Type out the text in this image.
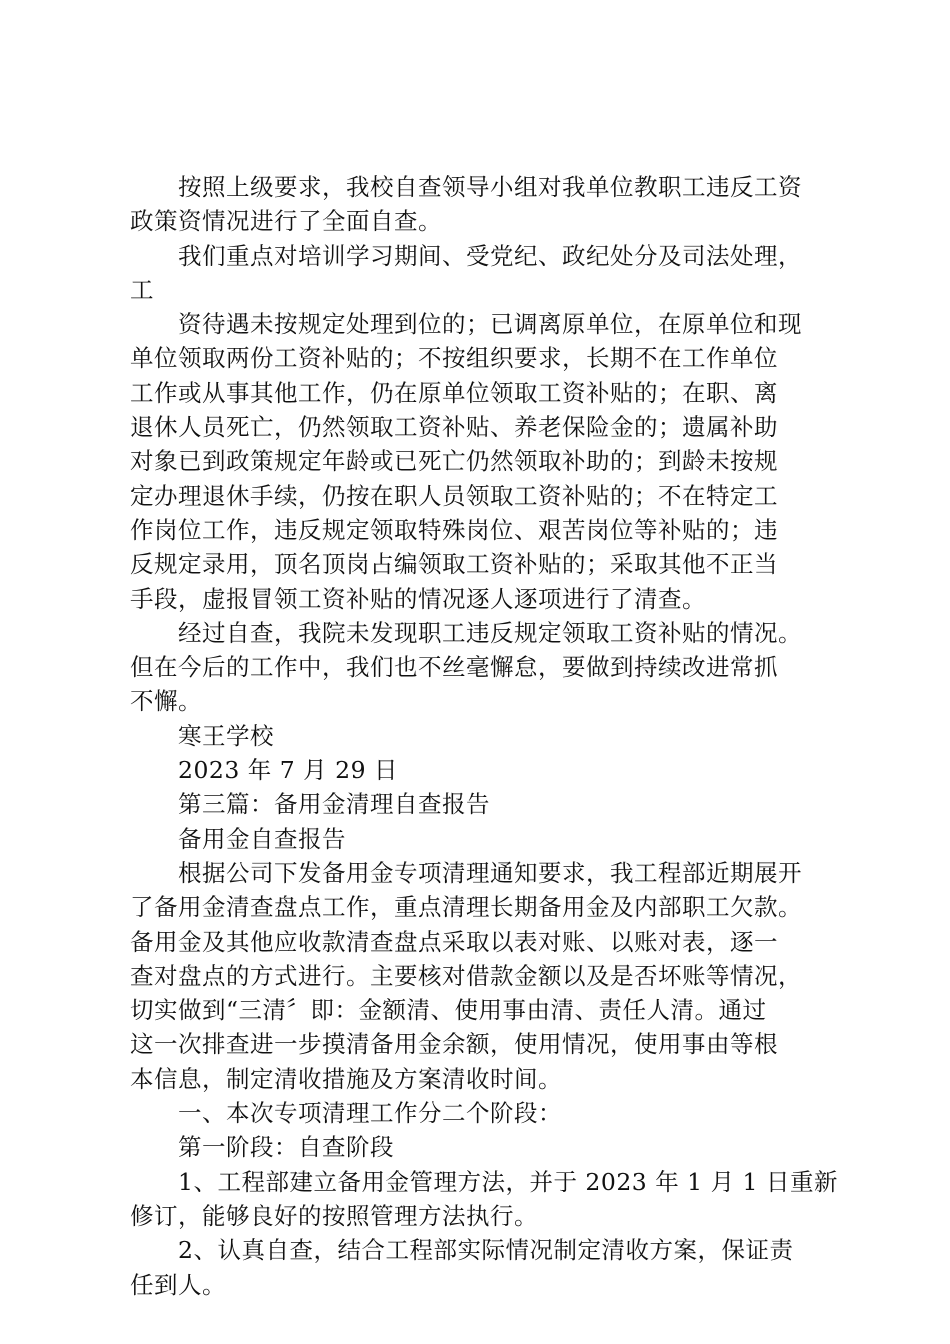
　　按照上级要求，我校自查领导小组对我单位教职工违反工资
政策资情况进行了全面自查。
　　我们重点对培训学习期间、受党纪、政纪处分及司法处理，
工
　　资待遇未按规定处理到位的；已调离原单位，在原单位和现
单位领取两份工资补贴的；不按组织要求，长期不在工作单位
工作或从事其他工作，仍在原单位领取工资补贴的；在职、离
退休人员死亡，仍然领取工资补贴、养老保险金的；遗属补助
对象已到政策规定年龄或已死亡仍然领取补助的；到龄未按规
定办理退休手续，仍按在职人员领取工资补贴的；不在特定工
作岗位工作，违反规定领取特殊岗位、艰苦岗位等补贴的；违
反规定录用，顶名顶岗占编领取工资补贴的；采取其他不正当
手段，虚报冒领工资补贴的情况逐人逐项进行了清查。
　　经过自查，我院未发现职工违反规定领取工资补贴的情况。
但在今后的工作中，我们也不丝毫懈怠，要做到持续改进常抓
不懈。
　　寒王学校
　　2023 年 7 月 29 日
　　第三篇：备用金清理自查报告
　　备用金自查报告
　　根据公司下发备用金专项清理通知要求，我工程部近期展开
了备用金清查盘点工作，重点清理长期备用金及内部职工欠款。
备用金及其他应收款清查盘点采取以表对账、以账对表，逐一
查对盘点的方式进行。主要核对借款金额以及是否坏账等情况，
切实做到“三清〞即：金额清、使用事由清、责任人清。通过
这一次排查进一步摸清备用金余额，使用情况，使用事由等根
本信息，制定清收措施及方案清收时间。
　　一、本次专项清理工作分二个阶段：
　　第一阶段：自查阶段
　　1、工程部建立备用金管理方法，并于 2023 年 1 月 1 日重新
修订，能够良好的按照管理方法执行。
　　2、认真自查，结合工程部实际情况制定清收方案，保证责
任到人。
